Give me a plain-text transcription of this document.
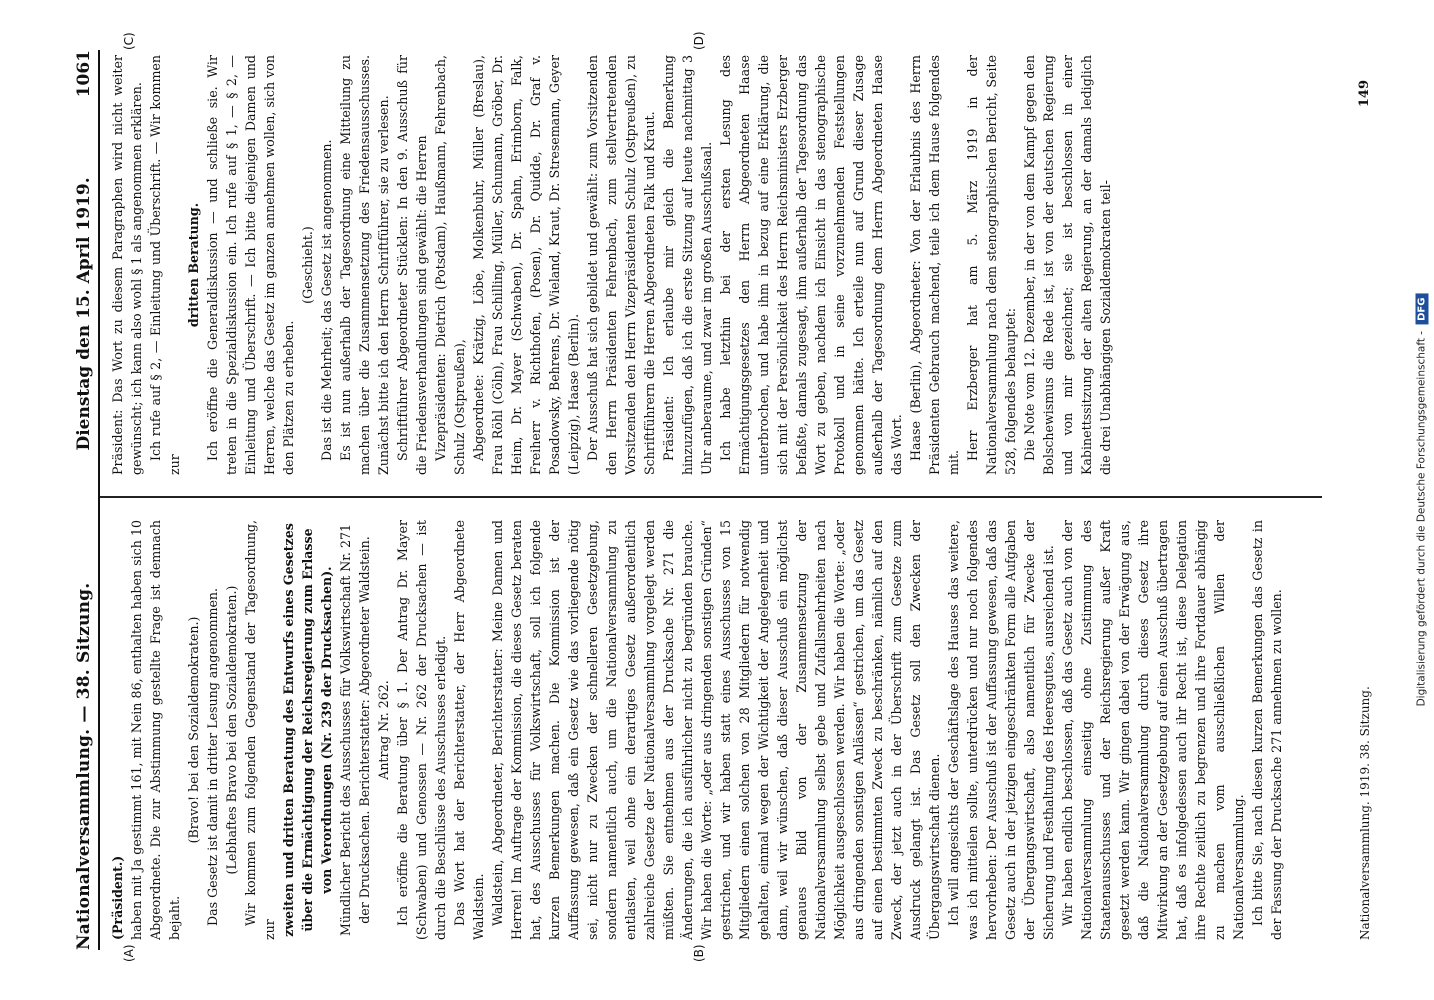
Nationalversammlung. — 38. Sitzung.
Dienstag den 15. April 1919.
1061
(A)	(B)
(C)	(D)

(Präsident.) haben mit Ja gestimmt 161, mit Nein 86, enthalten haben sich 10 Abgeordnete. Die zur Abstimmung gestellte Frage ist demnach bejaht.

(Bravo! bei den Sozialdemokraten.) Das Gesetz ist damit in dritter Lesung angenommen. (Lebhaftes Bravo bei den Sozialdemokraten.) Wir kommen zum folgenden Gegenstand der Tagesordnung, zur zweiten und dritten Beratung des Entwurfs eines Gesetzes über die Ermächtigung der Reichsregierung zum Erlasse von Verordnungen (Nr. 239 der Drucksachen). Mündlicher Bericht des Ausschusses für Volkswirtschaft Nr. 271 der Drucksachen. Berichterstatter: Abgeordneter Waldstein. Antrag Nr. 262. Ich eröffne die Beratung über § 1. Der Antrag Dr. Mayer (Schwaben) und Genossen — Nr. 262 der Drucksachen — ist durch die Beschlüsse des Ausschusses erledigt. Das Wort hat der Berichterstatter, der Herr Abgeordnete Waldstein. Waldstein, Abgeordneter, Berichterstatter: Meine Damen und Herren! Im Auftrage der Kommission, die dieses Gesetz beraten hat, des Ausschusses für Volkswirtschaft, soll ich folgende kurzen Bemerkungen machen. Die Kommission ist der Auffassung gewesen, daß ein Gesetz wie das vorliegende nötig sei, nicht nur zu Zwecken der schnelleren Gesetzgebung, sondern namentlich auch, um die Nationalversammlung zu entlasten, weil ohne ein derartiges Gesetz außerordentlich zahlreiche Gesetze der Nationalversammlung vorgelegt werden müßten. Sie entnehmen aus der Drucksache Nr. 271 die Änderungen, die ich ausführlicher nicht zu begründen brauche. Wir haben die Worte: „oder aus dringenden sonstigen Gründen“ gestrichen, und wir haben statt eines Ausschusses von 15 Mitgliedern einen solchen von 28 Mitgliedern für notwendig gehalten, einmal wegen der Wichtigkeit der Angelegenheit und dann, weil wir wünschen, daß dieser Ausschuß ein möglichst genaues Bild von der Zusammensetzung der Nationalversammlung selbst gebe und Zufallsmehrheiten nach Möglichkeit ausgeschlossen werden. Wir haben die Worte: „oder aus dringenden sonstigen Anlässen“ gestrichen, um das Gesetz auf einen bestimmten Zweck zu beschränken, nämlich auf den Zweck, der jetzt auch in der Überschrift zum Gesetze zum Ausdruck gelangt ist. Das Gesetz soll den Zwecken der Übergangswirtschaft dienen. Ich will angesichts der Geschäftslage des Hauses das weitere, was ich mitteilen sollte, unterdrücken und nur noch folgendes hervorheben: Der Ausschuß ist der Auffassung gewesen, daß das Gesetz auch in der jetzigen eingeschränkten Form alle Aufgaben der Übergangswirtschaft, also namentlich für Zwecke der Sicherung und Festhaltung des Heeresgutes, ausreichend ist. Wir haben endlich beschlossen, daß das Gesetz auch von der Nationalversammlung einseitig ohne Zustimmung des Staatenausschusses und der Reichsregierung außer Kraft gesetzt werden kann. Wir gingen dabei von der Erwägung aus, daß die Nationalversammlung durch dieses Gesetz ihre Mitwirkung an der Gesetzgebung auf einen Ausschuß übertragen hat, daß es infolgedessen auch ihr Recht ist, diese Delegation ihre Rechte zeitlich zu begrenzen und ihre Fortdauer abhängig zu machen vom ausschließlichen Willen der Nationalversammlung. Ich bitte Sie, nach diesen kurzen Bemerkungen das Gesetz in der Fassung der Drucksache 271 annehmen zu wollen.

Präsident: Das Wort zu diesem Paragraphen wird nicht weiter gewünscht; ich kann also wohl § 1 als angenommen erklären. Ich rufe auf § 2, — Einleitung und Überschrift. — Wir kommen zur

dritten Beratung. Ich eröffne die Generaldiskussion — und schließe sie. Wir treten in die Spezialdiskussion ein. Ich rufe auf § 1, — § 2, — Einleitung und Überschrift. — Ich bitte diejenigen Damen und Herren, welche das Gesetz im ganzen annehmen wollen, sich von den Plätzen zu erheben.

(Geschieht.) Das ist die Mehrheit; das Gesetz ist angenommen. Es ist nun außerhalb der Tagesordnung eine Mitteilung zu machen über die Zusammensetzung des Friedensausschusses. Zunächst bitte ich den Herrn Schriftführer, sie zu verlesen. Schriftführer Abgeordneter Stücklen: In den 9. Ausschuß für die Friedensverhandlungen sind gewählt: die Herren Vizepräsidenten: Dietrich (Potsdam), Haußmann, Fehrenbach, Schulz (Ostpreußen), Abgeordnete: Krätzig, Löbe, Molkenbuhr, Müller (Breslau), Frau Röhl (Cöln), Frau Schilling, Müller, Schumann, Gröber, Dr. Heim, Dr. Mayer (Schwaben), Dr. Spahn, Erimborn, Falk, Freiherr v. Richthofen, (Posen), Dr. Quidde, Dr. Graf v. Posadowsky, Behrens, Dr. Wieland, Kraut, Dr. Stresemann, Geyer (Leipzig), Haase (Berlin). Der Ausschuß hat sich gebildet und gewählt: zum Vorsitzenden den Herrn Präsidenten Fehrenbach, zum stellvertretenden Vorsitzenden den Herrn Vizepräsidenten Schulz (Ostpreußen), zu Schriftführern die Herren Abgeordneten Falk und Kraut. Präsident: Ich erlaube mir gleich die Bemerkung hinzuzufügen, daß ich die erste Sitzung auf heute nachmittag 3 Uhr anberaume, und zwar im großen Ausschußsaal. Ich habe letzthin bei der ersten Lesung des Ermächtigungsgesetzes den Herrn Abgeordneten Haase unterbrochen, und habe ihm in bezug auf eine Erklärung, die sich mit der Persönlichkeit des Herrn Reichsministers Erzberger befaßte, damals zugesagt, ihm außerhalb der Tagesordnung das Wort zu geben, nachdem ich Einsicht in das stenographische Protokoll und in seine vorzunehmenden Feststellungen genommen hätte. Ich erteile nun auf Grund dieser Zusage außerhalb der Tagesordnung dem Herrn Abgeordneten Haase das Wort. Haase (Berlin), Abgeordneter: Von der Erlaubnis des Herrn Präsidenten Gebrauch machend, teile ich dem Hause folgendes mit.

Herr Erzberger hat am 5. März 1919 in der Nationalversammlung nach dem stenographischen Bericht, Seite 528, folgendes behauptet: Die Note vom 12. Dezember, in der von dem Kampf gegen den Bolschewismus die Rede ist, ist von der deutschen Regierung und von mir gezeichnet; sie ist beschlossen in einer Kabinettssitzung der alten Regierung, an der damals lediglich die drei Unabhängigen Sozialdemokraten teil-

Nationalversammlung. 1919. 38. Sitzung.
149
Digitalisierung gefördert durch die Deutsche Forschungsgemeinschaft -DFG
